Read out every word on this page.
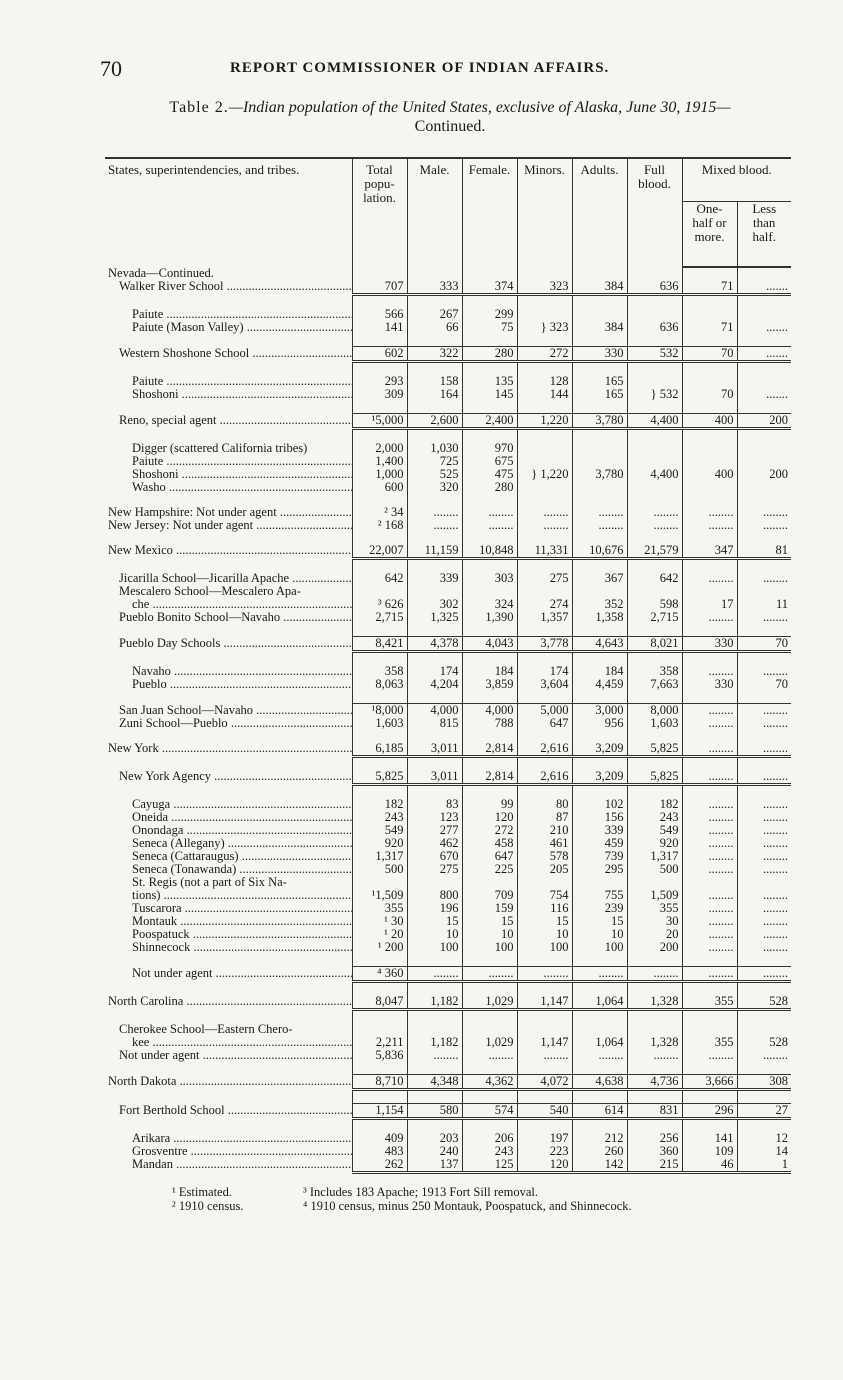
70	REPORT COMMISSIONER OF INDIAN AFFAIRS.
Table 2.—Indian population of the United States, exclusive of Alaska, June 30, 1915—
Continued.
States, superintendencies, and tribes.	Total popu- lation.	Male.	Female.	Minors.	Adults.	Full blood.	Mixed blood.	
							One- half or more.	Less than half.
Nevada—Continued.								
Walker River School .....	707	333	374	323	384	636	71	.......

Paiute .....	566	267	299					
Paiute (Mason Valley) .....	141	66	75	} 323	384	636	71	.......

Western Shoshone School .....	602	322	280	272	330	532	70	.......

Paiute .....	293	158	135	128	165			
Shoshoni .....	309	164	145	144	165	} 532	70	.......

Reno, special agent .....	¹5,000	2,600	2,400	1,220	3,780	4,400	400	200

Digger (scattered California tribes)	2,000	1,030	970					
Paiute .....	1,400	725	675					
Shoshoni .....	1,000	525	475	} 1,220	3,780	4,400	400	200
Washo .....	600	320	280					

New Hampshire: Not under agent .....	² 34	........	........	........	........	........	........	........
New Jersey: Not under agent .....	² 168	........	........	........	........	........	........	........

New Mexico .....	22,007	11,159	10,848	11,331	10,676	21,579	347	81

Jicarilla School—Jicarilla Apache .....	642	339	303	275	367	642	........	........
Mescalero School—Mescalero Apa-								
che .....	³ 626	302	324	274	352	598	17	11
Pueblo Bonito School—Navaho .....	2,715	1,325	1,390	1,357	1,358	2,715	........	........

Pueblo Day Schools .....	8,421	4,378	4,043	3,778	4,643	8,021	330	70

Navaho .....	358	174	184	174	184	358	........	........
Pueblo .....	8,063	4,204	3,859	3,604	4,459	7,663	330	70

San Juan School—Navaho .....	¹8,000	4,000	4,000	5,000	3,000	8,000	........	........
Zuni School—Pueblo .....	1,603	815	788	647	956	1,603	........	........

New York .....	6,185	3,011	2,814	2,616	3,209	5,825	........	........

New York Agency .....	5,825	3,011	2,814	2,616	3,209	5,825	........	........

Cayuga .....	182	83	99	80	102	182	........	........
Oneida .....	243	123	120	87	156	243	........	........
Onondaga .....	549	277	272	210	339	549	........	........
Seneca (Allegany) .....	920	462	458	461	459	920	........	........
Seneca (Cattaraugus) .....	1,317	670	647	578	739	1,317	........	........
Seneca (Tonawanda) .....	500	275	225	205	295	500	........	........
St. Regis (not a part of Six Na-								
tions) .....	¹1,509	800	709	754	755	1,509	........	........
Tuscarora .....	355	196	159	116	239	355	........	........
Montauk .....	¹ 30	15	15	15	15	30	........	........
Poospatuck .....	¹ 20	10	10	10	10	20	........	........
Shinnecock .....	¹ 200	100	100	100	100	200	........	........

Not under agent .....	⁴ 360	........	........	........	........	........	........	........

North Carolina .....	8,047	1,182	1,029	1,147	1,064	1,328	355	528

Cherokee School—Eastern Chero-								
kee .....	2,211	1,182	1,029	1,147	1,064	1,328	355	528
Not under agent .....	5,836	........	........	........	........	........	........	........

North Dakota .....	8,710	4,348	4,362	4,072	4,638	4,736	3,666	308

Fort Berthold School .....	1,154	580	574	540	614	831	296	27

Arikara .....	409	203	206	197	212	256	141	12
Grosventre .....	483	240	243	223	260	360	109	14
Mandan .....	262	137	125	120	142	215	46	1
¹ Estimated.
² 1910 census.
³ Includes 183 Apache; 1913 Fort Sill removal.
⁴ 1910 census, minus 250 Montauk, Poospatuck, and Shinnecock.
